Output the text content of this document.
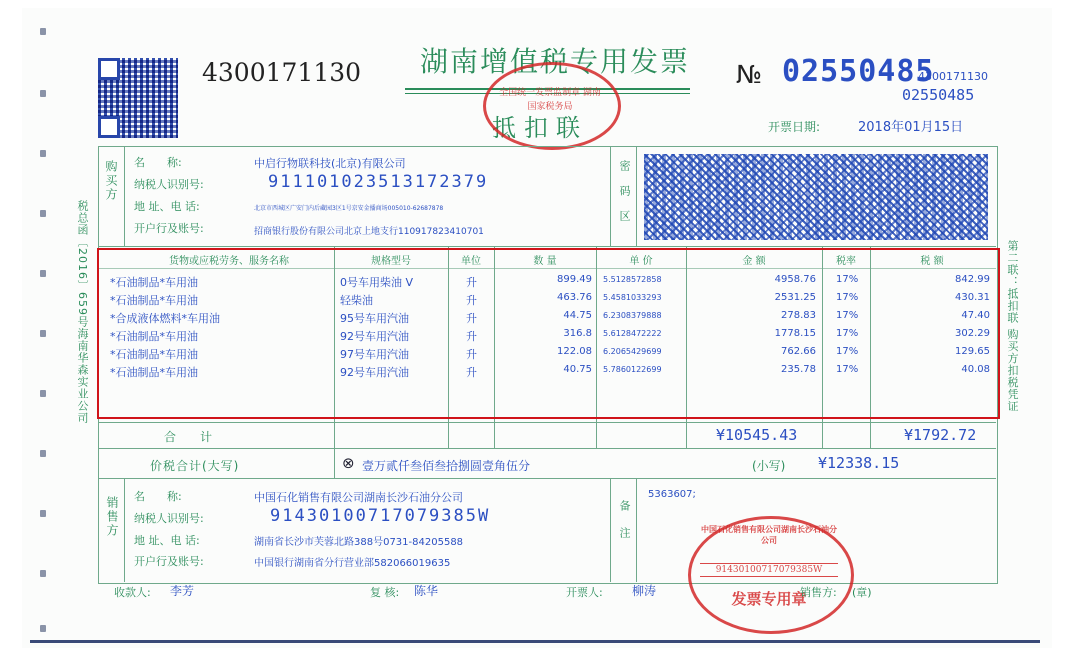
4300171130 湖南增值税专用发票
抵扣联
全国统一发票监制章 湖南 国家税务局
№ 02550485
4300171130
02550485
开票日期:	2018年01月15日
购买方 名　　称:	中启行物联科技(北京)有限公司
纳税人识别号:	911101023513172379
地 址、电 话:	北京市西城区广安门内后藏园3区1号京安金播商场005010-62687878
开户行及账号:	招商银行股份有限公司北京上地支行110917823410701	密码区
货物或应税劳务、服务名称	规格型号	单位	数 量	单 价	金 额	税率	税 额
*石油制品*车用油	0号车用柴油 V	升	899.49 5.5128572858	4958.76 17%	842.99
*石油制品*车用油	轻柴油	升	463.76 5.4581033293	2531.25 17%	430.31
*合成液体燃料*车用油	95号车用汽油	升	44.75 6.2308379888	278.83 17%	47.40
*石油制品*车用油	92号车用汽油	升	316.8 5.6128472222	1778.15 17%	302.29
*石油制品*车用油	97号车用汽油	升	122.08 6.2065429699	762.66 17%	129.65
*石油制品*车用油	92号车用汽油	升	40.75 5.7860122699	235.78 17%	40.08
合　　计	¥10545.43	¥1792.72
价税合计(大写)	⊗ 壹万贰仟叁佰叁拾捌圆壹角伍分	(小写) ¥12338.15
销售方 名　　称:	中国石化销售有限公司湖南长沙石油分公司
纳税人识别号:	91430100717079385W
地 址、电 话:	湖南省长沙市芙蓉北路388号0731-84205588
开户行及账号:	中国银行湖南省分行营业部582066019635
备注
5363607;
中国石化销售有限公司湖南长沙石油分公司
91430100717079385W
发票专用章
收款人: 李芳	复 核: 陈华	开票人: 柳涛	销售方: (章)
税总函〔2016〕659号海南华森实业公司	第二联：抵扣联 购买方扣税凭证
